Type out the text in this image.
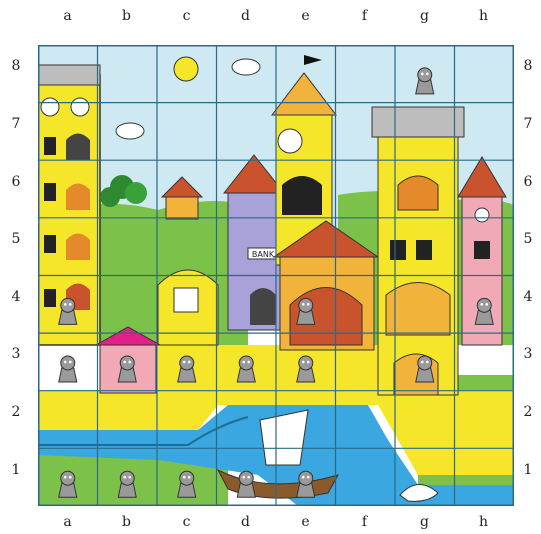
a	b	c	d	e	f	g	h
a	b	c	d	e	f	g	h
8
7
6
5
4
3
2
1
8
7
6
5
4
3
2
1
BANK
